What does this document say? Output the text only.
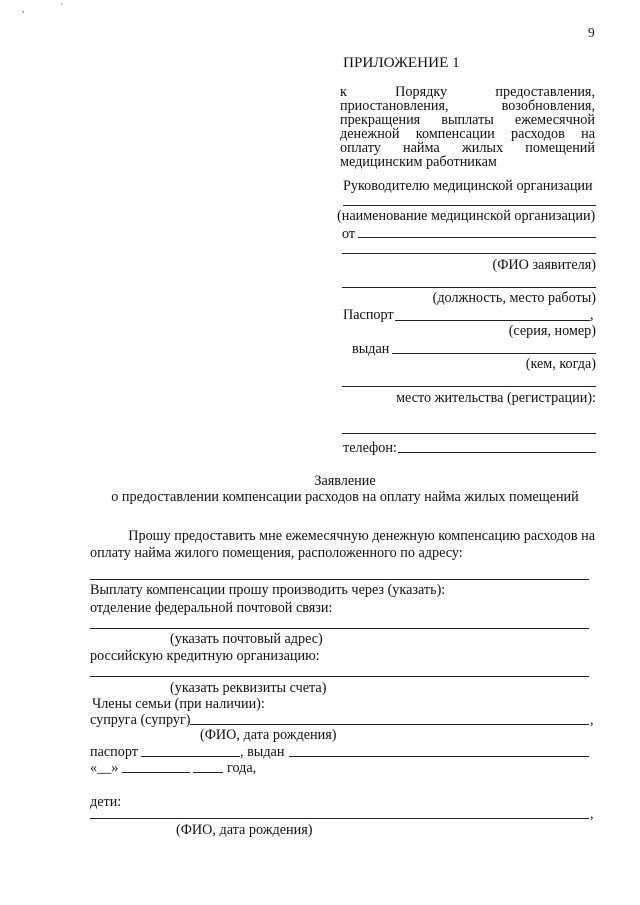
,	`
9
ПРИЛОЖЕНИЕ 1
к Порядку предоставления,
приостановления, возобновления,
прекращения выплаты ежемесячной
денежной компенсации расходов на
оплату найма жилых помещений
медицинским работникам
Руководителю медицинской организации
(наименование медицинской организации)
от
(ФИО заявителя)
(должность, место работы)
Паспорт	,
(серия, номер)
выдан
(кем, когда)
место жительства (регистрации):
телефон:
Заявление
о предоставлении компенсации расходов на оплату найма жилых помещений
Прошу предоставить мне ежемесячную денежную компенсацию расходов на
оплату найма жилого помещения, расположенного по адресу:
Выплату компенсации прошу производить через (указать):
отделение федеральной почтовой связи:
(указать почтовый адрес)
российскую кредитную организацию:
(указать реквизиты счета)
Члены семьи (при наличии):
супруга (супруг)	,
(ФИО, дата рождения)
паспорт	, выдан
«__»	года,
дети:
,
(ФИО, дата рождения)
